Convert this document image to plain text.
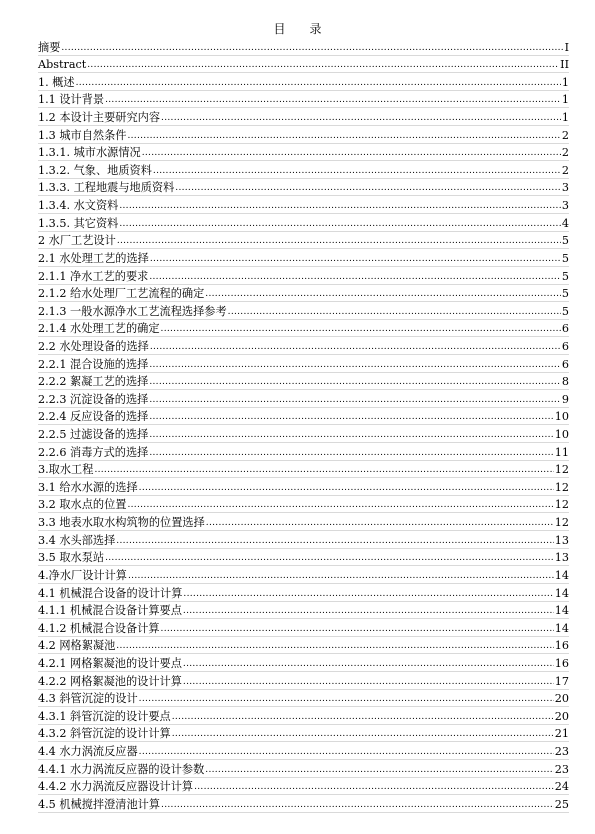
目 录
摘要 .....	I
Abstract .....	II
1. 概述 .....	1
1.1 设计背景 .....	1
1.2 本设计主要研究内容 .....	1
1.3 城市自然条件 .....	2
1.3.1. 城市水源情况 .....	2
1.3.2. 气象、地质资料 .....	2
1.3.3. 工程地震与地质资料 .....	3
1.3.4. 水文资料 .....	3
1.3.5. 其它资料 .....	4
2 水厂工艺设计 .....	5
2.1 水处理工艺的选择 .....	5
2.1.1 净水工艺的要求 .....	5
2.1.2 给水处理厂工艺流程的确定 .....	5
2.1.3 一般水源净水工艺流程选择参考 .....	5
2.1.4 水处理工艺的确定 .....	6
2.2 水处理设备的选择 .....	6
2.2.1 混合设施的选择 .....	6
2.2.2 絮凝工艺的选择 .....	8
2.2.3 沉淀设备的选择 .....	9
2.2.4 反应设备的选择 .....	10
2.2.5 过滤设备的选择 .....	10
2.2.6 消毒方式的选择 .....	11
3.取水工程 .....	12
3.1 给水水源的选择 .....	12
3.2 取水点的位置 .....	12
3.3 地表水取水构筑物的位置选择 .....	12
3.4 水头部选择 .....	13
3.5 取水泵站 .....	13
4.净水厂设计计算 .....	14
4.1 机械混合设备的设计计算 .....	14
4.1.1 机械混合设备计算要点 .....	14
4.1.2 机械混合设备计算 .....	14
4.2 网格絮凝池 .....	16
4.2.1 网格絮凝池的设计要点 .....	16
4.2.2 网格絮凝池的设计计算 .....	17
4.3 斜管沉淀的设计 .....	20
4.3.1 斜管沉淀的设计要点 .....	20
4.3.2 斜管沉淀的设计计算 .....	21
4.4 水力涡流反应器 .....	23
4.4.1 水力涡流反应器的设计参数 .....	23
4.4.2 水力涡流反应器设计计算 .....	24
4.5 机械搅拌澄清池计算 .....	25
